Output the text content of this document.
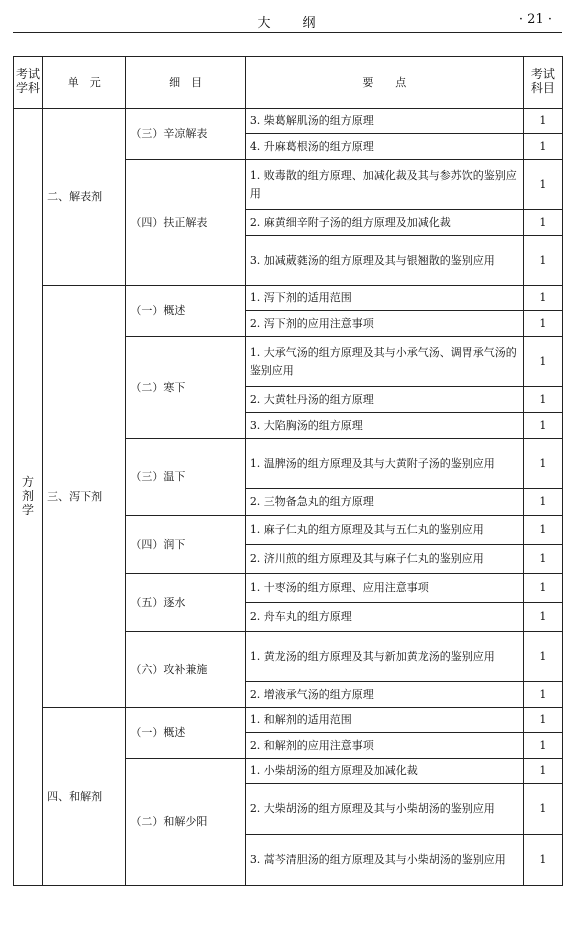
大　　纲	· 21 ·
考试学科	单　元	细　目	要　　点	考试科目
方剂学	二、解表剂	（三）辛凉解表	3. 柴葛解肌汤的组方原理	1
			4. 升麻葛根汤的组方原理	1
		（四）扶正解表	1. 败毒散的组方原理、加减化裁及其与参苏饮的鉴别应用	1
			2. 麻黄细辛附子汤的组方原理及加减化裁	1
			3. 加减葳蕤汤的组方原理及其与银翘散的鉴别应用	1
	三、泻下剂	（一）概述	1. 泻下剂的适用范围	1
			2. 泻下剂的应用注意事项	1
		（二）寒下	1. 大承气汤的组方原理及其与小承气汤、调胃承气汤的鉴别应用	1
			2. 大黄牡丹汤的组方原理	1
			3. 大陷胸汤的组方原理	1
		（三）温下	1. 温脾汤的组方原理及其与大黄附子汤的鉴别应用	1
			2. 三物备急丸的组方原理	1
		（四）润下	1. 麻子仁丸的组方原理及其与五仁丸的鉴别应用	1
			2. 济川煎的组方原理及其与麻子仁丸的鉴别应用	1
		（五）逐水	1. 十枣汤的组方原理、应用注意事项	1
			2. 舟车丸的组方原理	1
		（六）攻补兼施	1. 黄龙汤的组方原理及其与新加黄龙汤的鉴别应用	1
			2. 增液承气汤的组方原理	1
	四、和解剂	（一）概述	1. 和解剂的适用范围	1
			2. 和解剂的应用注意事项	1
		（二）和解少阳	1. 小柴胡汤的组方原理及加减化裁	1
			2. 大柴胡汤的组方原理及其与小柴胡汤的鉴别应用	1
			3. 蒿芩清胆汤的组方原理及其与小柴胡汤的鉴别应用	1
